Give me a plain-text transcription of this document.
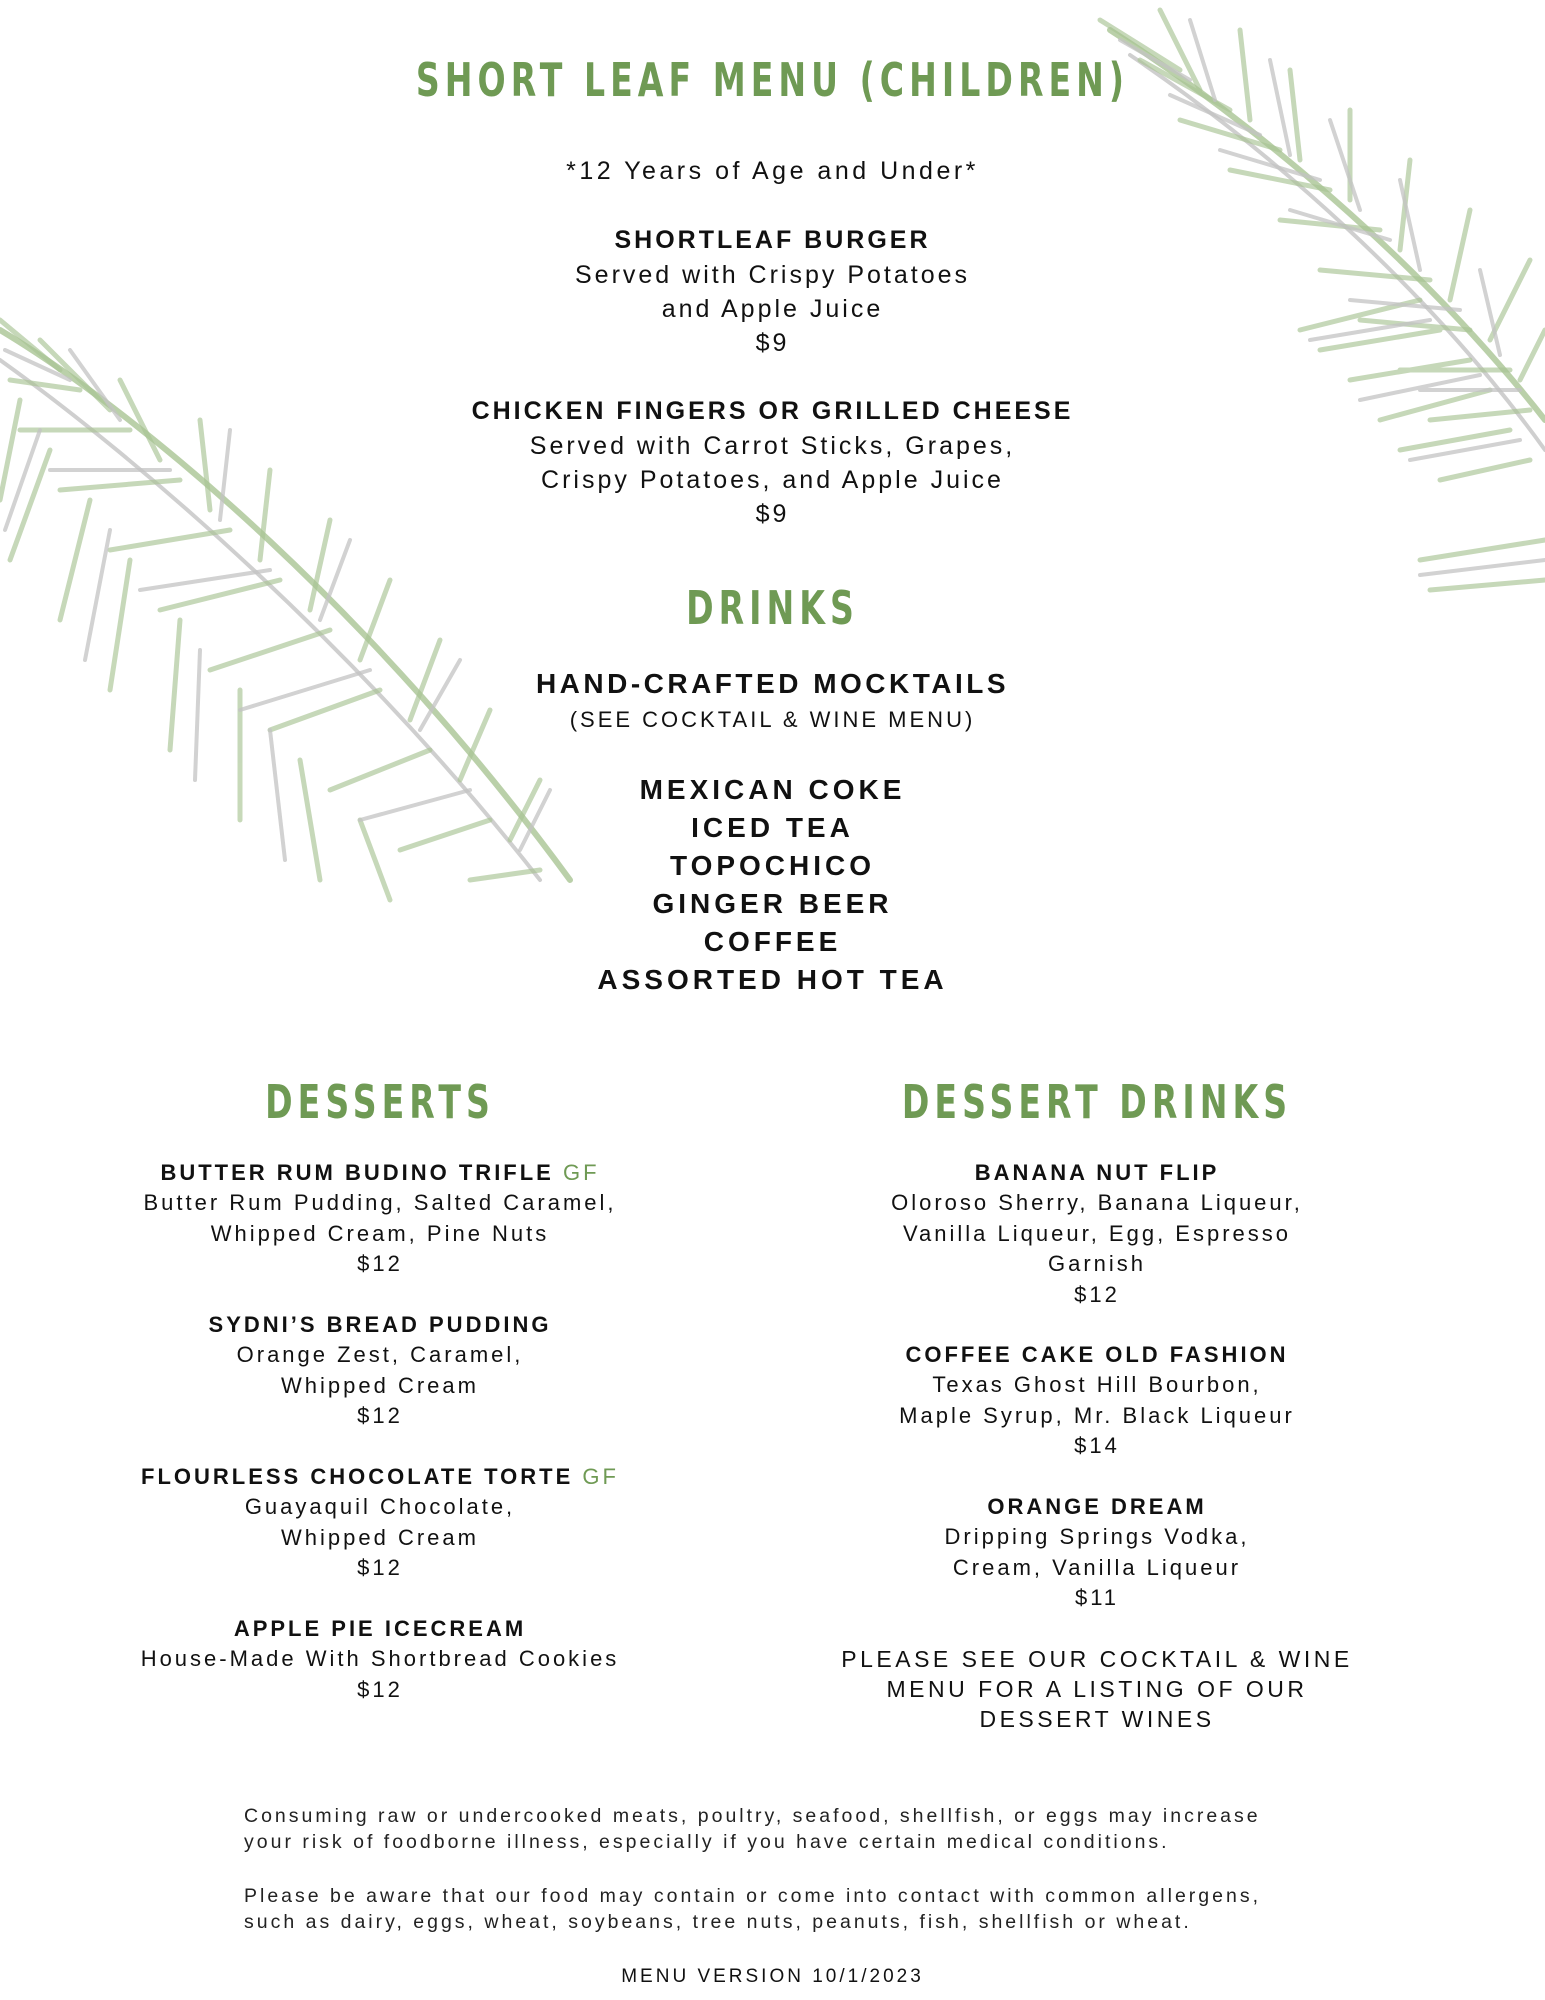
SHORT LEAF MENU (CHILDREN)
*12 Years of Age and Under*
SHORTLEAF BURGER
Served with Crispy Potatoes
and Apple Juice
$9
CHICKEN FINGERS OR GRILLED CHEESE
Served with Carrot Sticks, Grapes,
Crispy Potatoes, and Apple Juice
$9
DRINKS
HAND-CRAFTED MOCKTAILS
(SEE COCKTAIL & WINE MENU)
MEXICAN COKE
ICED TEA
TOPOCHICO
GINGER BEER
COFFEE
ASSORTED HOT TEA
DESSERTS
BUTTER RUM BUDINO TRIFLE GF
Butter Rum Pudding, Salted Caramel,
Whipped Cream, Pine Nuts
$12
SYDNI’S BREAD PUDDING
Orange Zest, Caramel,
Whipped Cream
$12
FLOURLESS CHOCOLATE TORTE GF
Guayaquil Chocolate,
Whipped Cream
$12
APPLE PIE ICECREAM
House-Made With Shortbread Cookies
$12
DESSERT DRINKS
BANANA NUT FLIP
Oloroso Sherry, Banana Liqueur,
Vanilla Liqueur, Egg, Espresso
Garnish
$12
COFFEE CAKE OLD FASHION
Texas Ghost Hill Bourbon,
Maple Syrup, Mr. Black Liqueur
$14
ORANGE DREAM
Dripping Springs Vodka,
Cream, Vanilla Liqueur
$11
PLEASE SEE OUR COCKTAIL & WINE
MENU FOR A LISTING OF OUR
DESSERT WINES
Consuming raw or undercooked meats, poultry, seafood, shellfish, or eggs may increase
your risk of foodborne illness, especially if you have certain medical conditions.
Please be aware that our food may contain or come into contact with common allergens,
such as dairy, eggs, wheat, soybeans, tree nuts, peanuts, fish, shellfish or wheat.
MENU VERSION 10/1/2023
